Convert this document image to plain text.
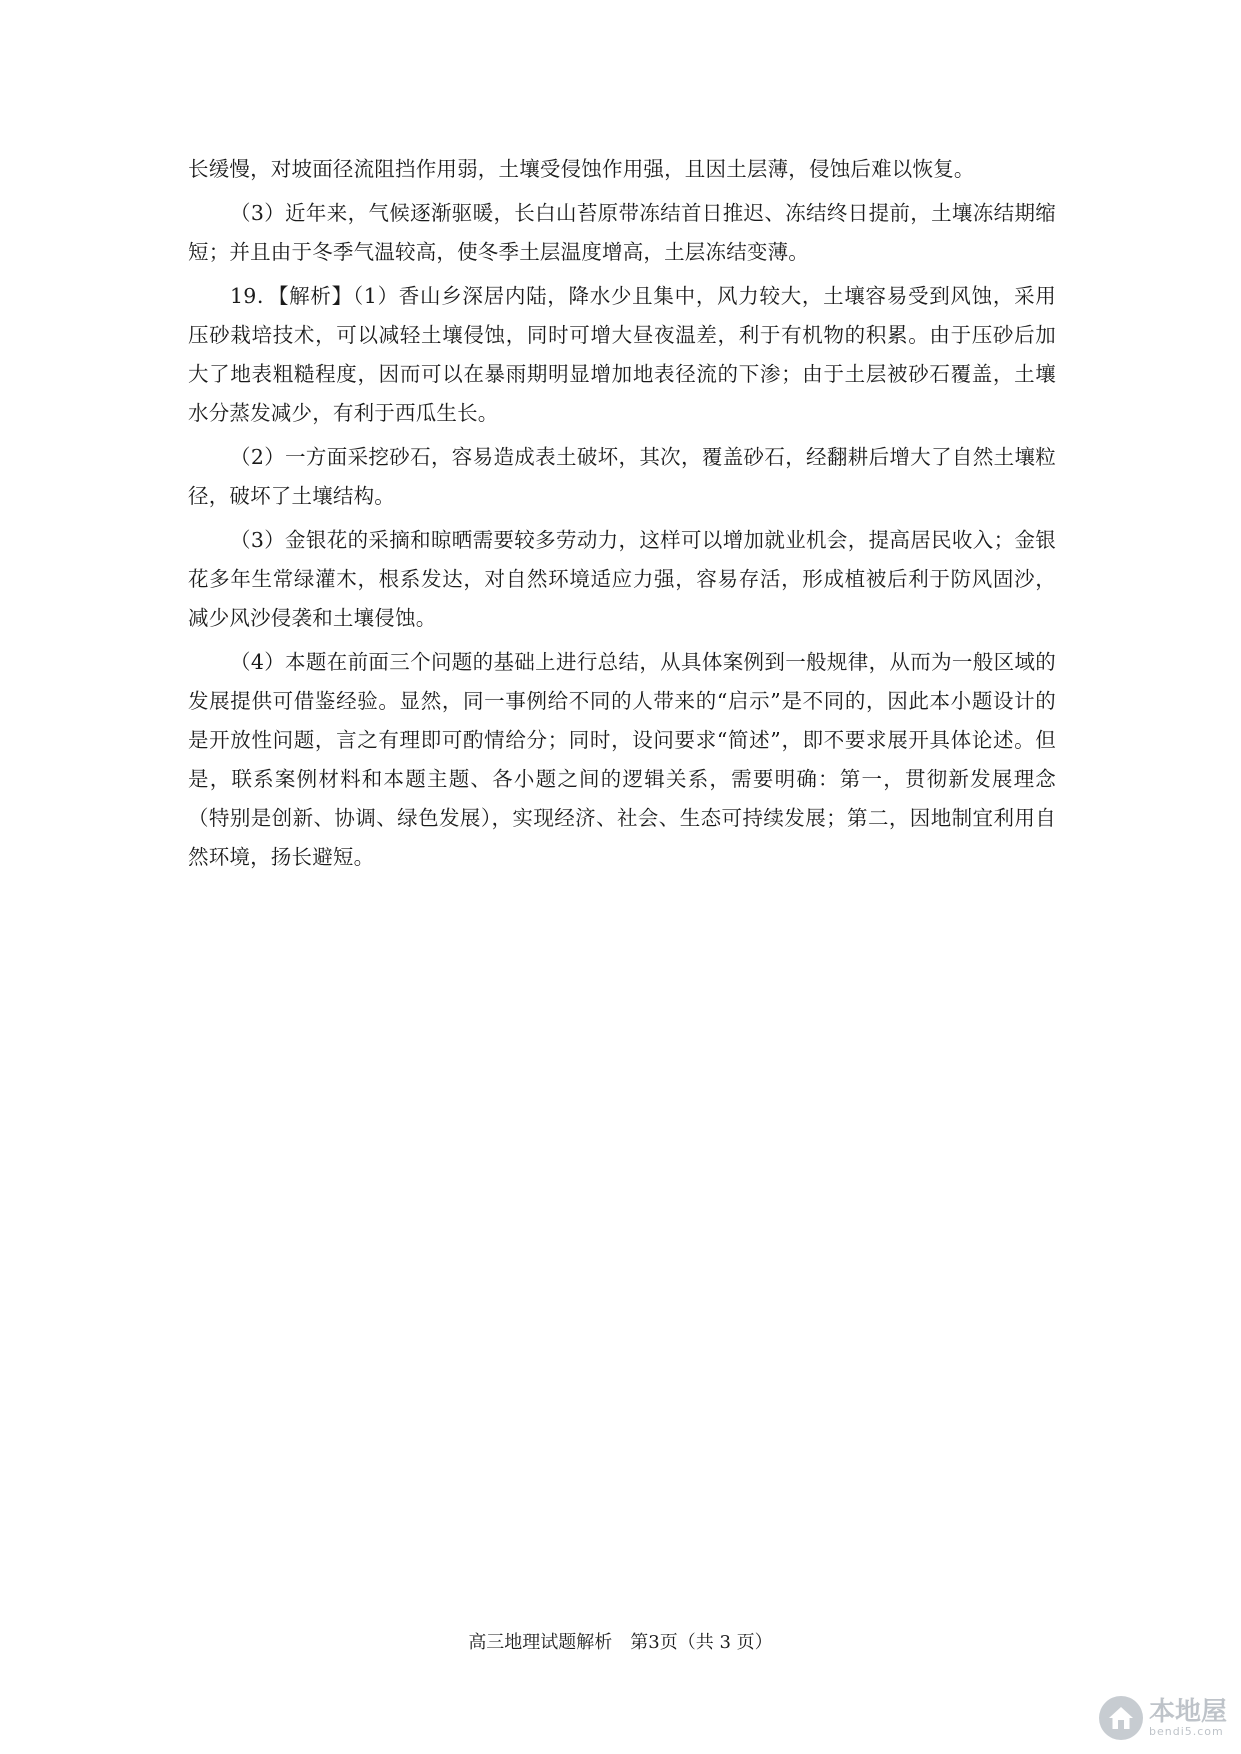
长缓慢，对坡面径流阻挡作用弱，土壤受侵蚀作用强，且因土层薄，侵蚀后难以恢复。

（3）近年来，气候逐渐驱暖，长白山苔原带冻结首日推迟、冻结终日提前，土壤冻结期缩短；并且由于冬季气温较高，使冬季土层温度增高，土层冻结变薄。

19．【解析】（1）香山乡深居内陆，降水少且集中，风力较大，土壤容易受到风蚀，采用压砂栽培技术，可以减轻土壤侵蚀，同时可增大昼夜温差，利于有机物的积累。由于压砂后加大了地表粗糙程度，因而可以在暴雨期明显增加地表径流的下渗；由于土层被砂石覆盖，土壤水分蒸发减少，有利于西瓜生长。

（2）一方面采挖砂石，容易造成表土破坏，其次，覆盖砂石，经翻耕后增大了自然土壤粒径，破坏了土壤结构。

（3）金银花的采摘和晾晒需要较多劳动力，这样可以增加就业机会，提高居民收入；金银花多年生常绿灌木，根系发达，对自然环境适应力强，容易存活，形成植被后利于防风固沙，减少风沙侵袭和土壤侵蚀。

（4）本题在前面三个问题的基础上进行总结，从具体案例到一般规律，从而为一般区域的发展提供可借鉴经验。显然，同一事例给不同的人带来的“启示”是不同的，因此本小题设计的是开放性问题，言之有理即可酌情给分；同时，设问要求“简述”，即不要求展开具体论述。但是，联系案例材料和本题主题、各小题之间的逻辑关系，需要明确：第一，贯彻新发展理念（特别是创新、协调、绿色发展），实现经济、社会、生态可持续发展；第二，因地制宜利用自然环境，扬长避短。

高三地理试题解析　第3页（共 3 页）
本地屋
bendi5.com
